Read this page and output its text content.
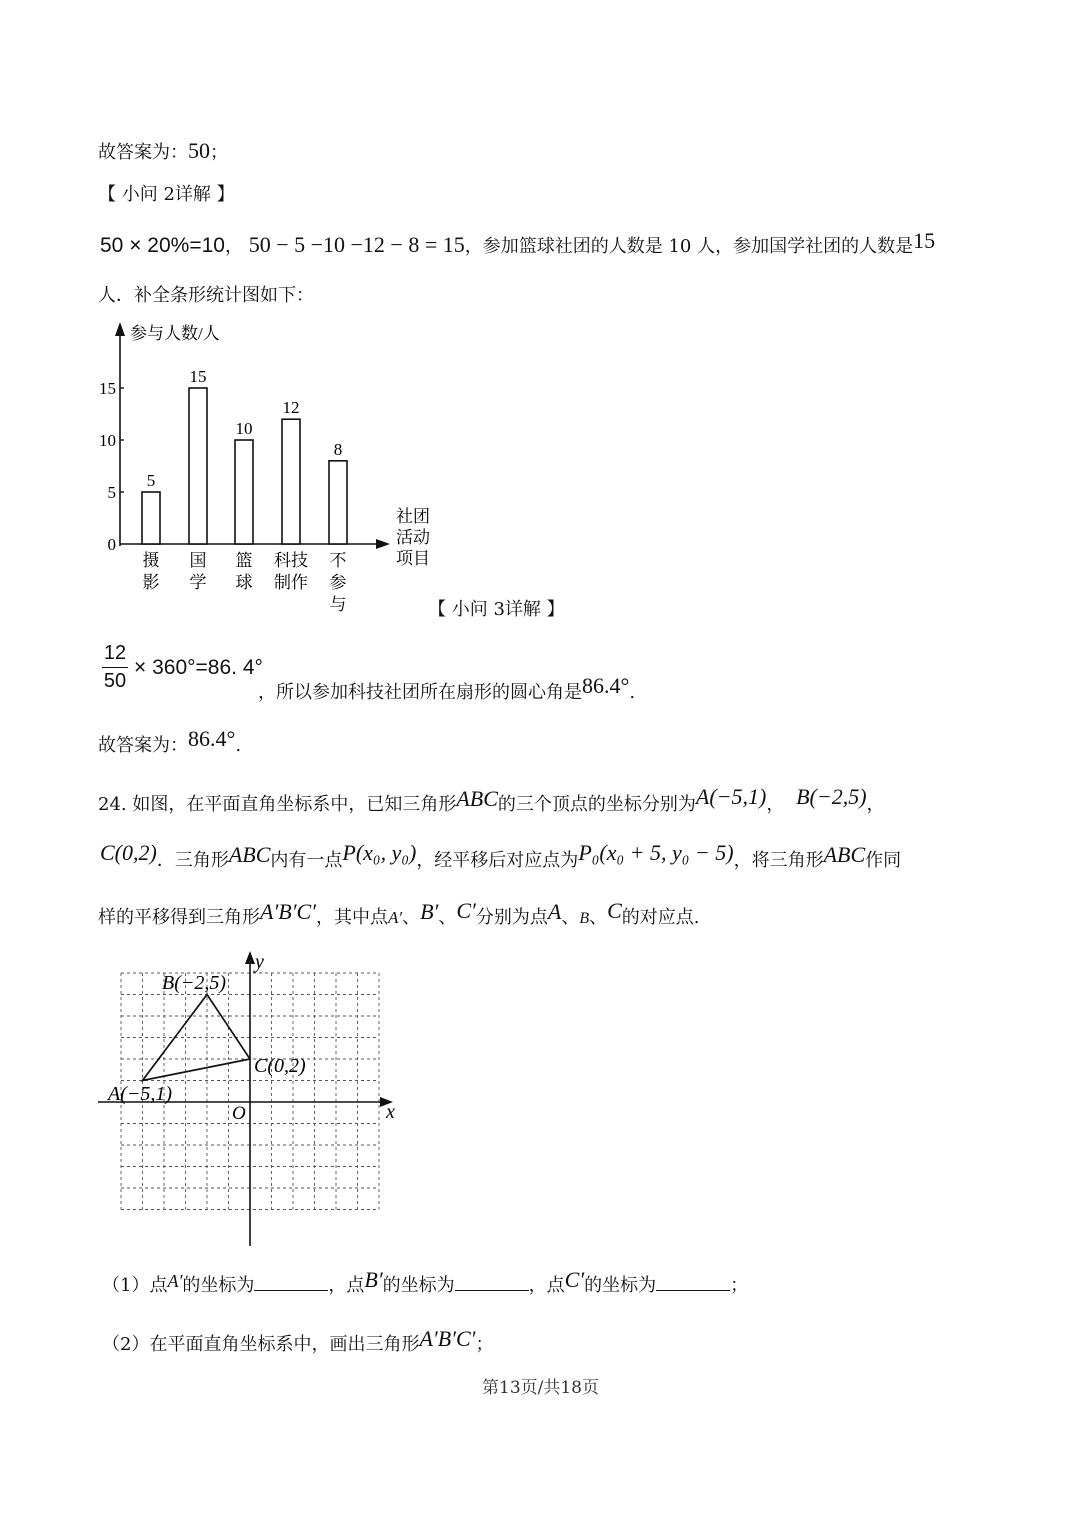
故答案为：50；
【 小问 2详解 】
50 × 20%=10， 50 − 5 −10 −12 − 8 = 15，参加篮球社团的人数是 10 人，参加国学社团的人数是15
人．补全条形统计图如下：
参与人数/人
0
5
10
15
5
摄
影
15
国
学
10
篮
球
12
科技
制作
8
不
参
与
社团
活动
项目
【 小问 3详解 】
12
50
× 360°=86. 4°
，所以参加科技社团所在扇形的圆心角是86.4°.
故答案为：86.4°.
24. 如图，在平面直角坐标系中，已知三角形ABC的三个顶点的坐标分别为A(−5,1)， B(−2,5)，
C(0,2)．三角形ABC内有一点P(x₀, y₀)，经平移后对应点为P₀(x₀ + 5, y₀ − 5)，将三角形ABC作同
样的平移得到三角形A′B′C′，其中点A′、B′、C′分别为点A、B、C的对应点.
y
x
O
B(−2,5)
C(0,2)
A(−5,1)
（1）点A′的坐标为	，点B′的坐标为	，点C′的坐标为	；
（2）在平面直角坐标系中，画出三角形A′B′C′；
第13页/共18页
